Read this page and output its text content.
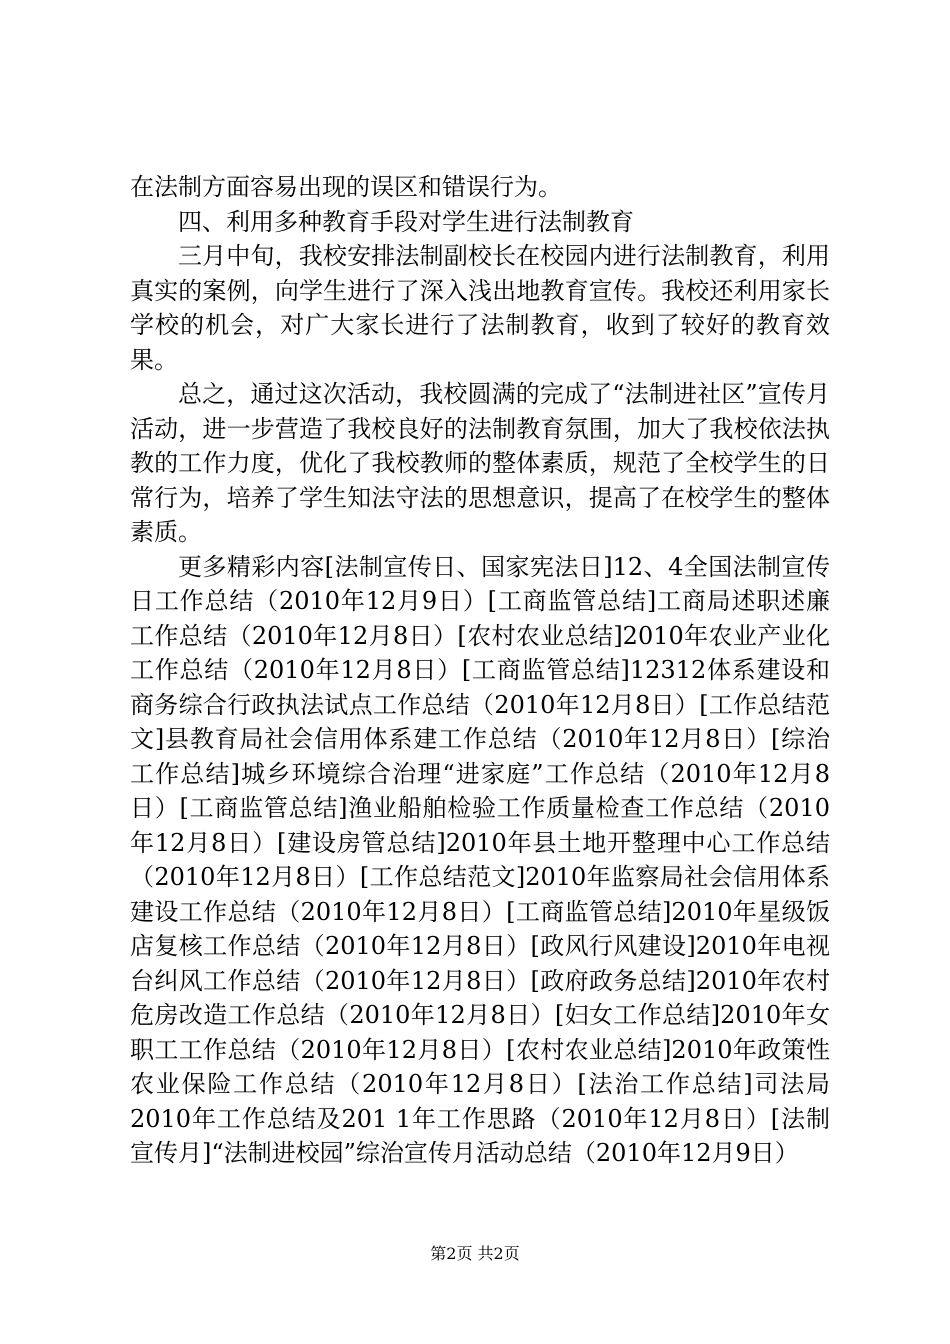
在法制方面容易出现的误区和错误行为。

四、利用多种教育手段对学生进行法制教育

三月中旬，我校安排法制副校长在校园内进行法制教育，利用真实的案例，向学生进行了深入浅出地教育宣传。我校还利用家长学校的机会，对广大家长进行了法制教育，收到了较好的教育效果。

总之，通过这次活动，我校圆满的完成了“法制进社区”宣传月活动，进一步营造了我校良好的法制教育氛围，加大了我校依法执教的工作力度，优化了我校教师的整体素质，规范了全校学生的日常行为，培养了学生知法守法的思想意识，提高了在校学生的整体素质。

更多精彩内容[法制宣传日、国家宪法日]12、4全国法制宣传日工作总结（2010年12月9日）[工商监管总结]工商局述职述廉工作总结（2010年12月8日）[农村农业总结]2010年农业产业化工作总结（2010年12月8日）[工商监管总结]12312体系建设和商务综合行政执法试点工作总结（2010年12月8日）[工作总结范文]县教育局社会信用体系建工作总结（2010年12月8日）[综治工作总结]城乡环境综合治理“进家庭”工作总结（2010年12月8日）[工商监管总结]渔业船舶检验工作质量检查工作总结（2010年12月8日）[建设房管总结]2010年县土地开整理中心工作总结（2010年12月8日）[工作总结范文]2010年监察局社会信用体系建设工作总结（2010年12月8日）[工商监管总结]2010年星级饭店复核工作总结（2010年12月8日）[政风行风建设]2010年电视台纠风工作总结（2010年12月8日）[政府政务总结]2010年农村危房改造工作总结（2010年12月8日）[妇女工作总结]2010年女职工工作总结（2010年12月8日）[农村农业总结]2010年政策性农业保险工作总结（2010年12月8日）[法治工作总结]司法局2010年工作总结及201 1年工作思路（2010年12月8日）[法制宣传月]“法制进校园”综治宣传月活动总结（2010年12月9日）

第2页 共2页
